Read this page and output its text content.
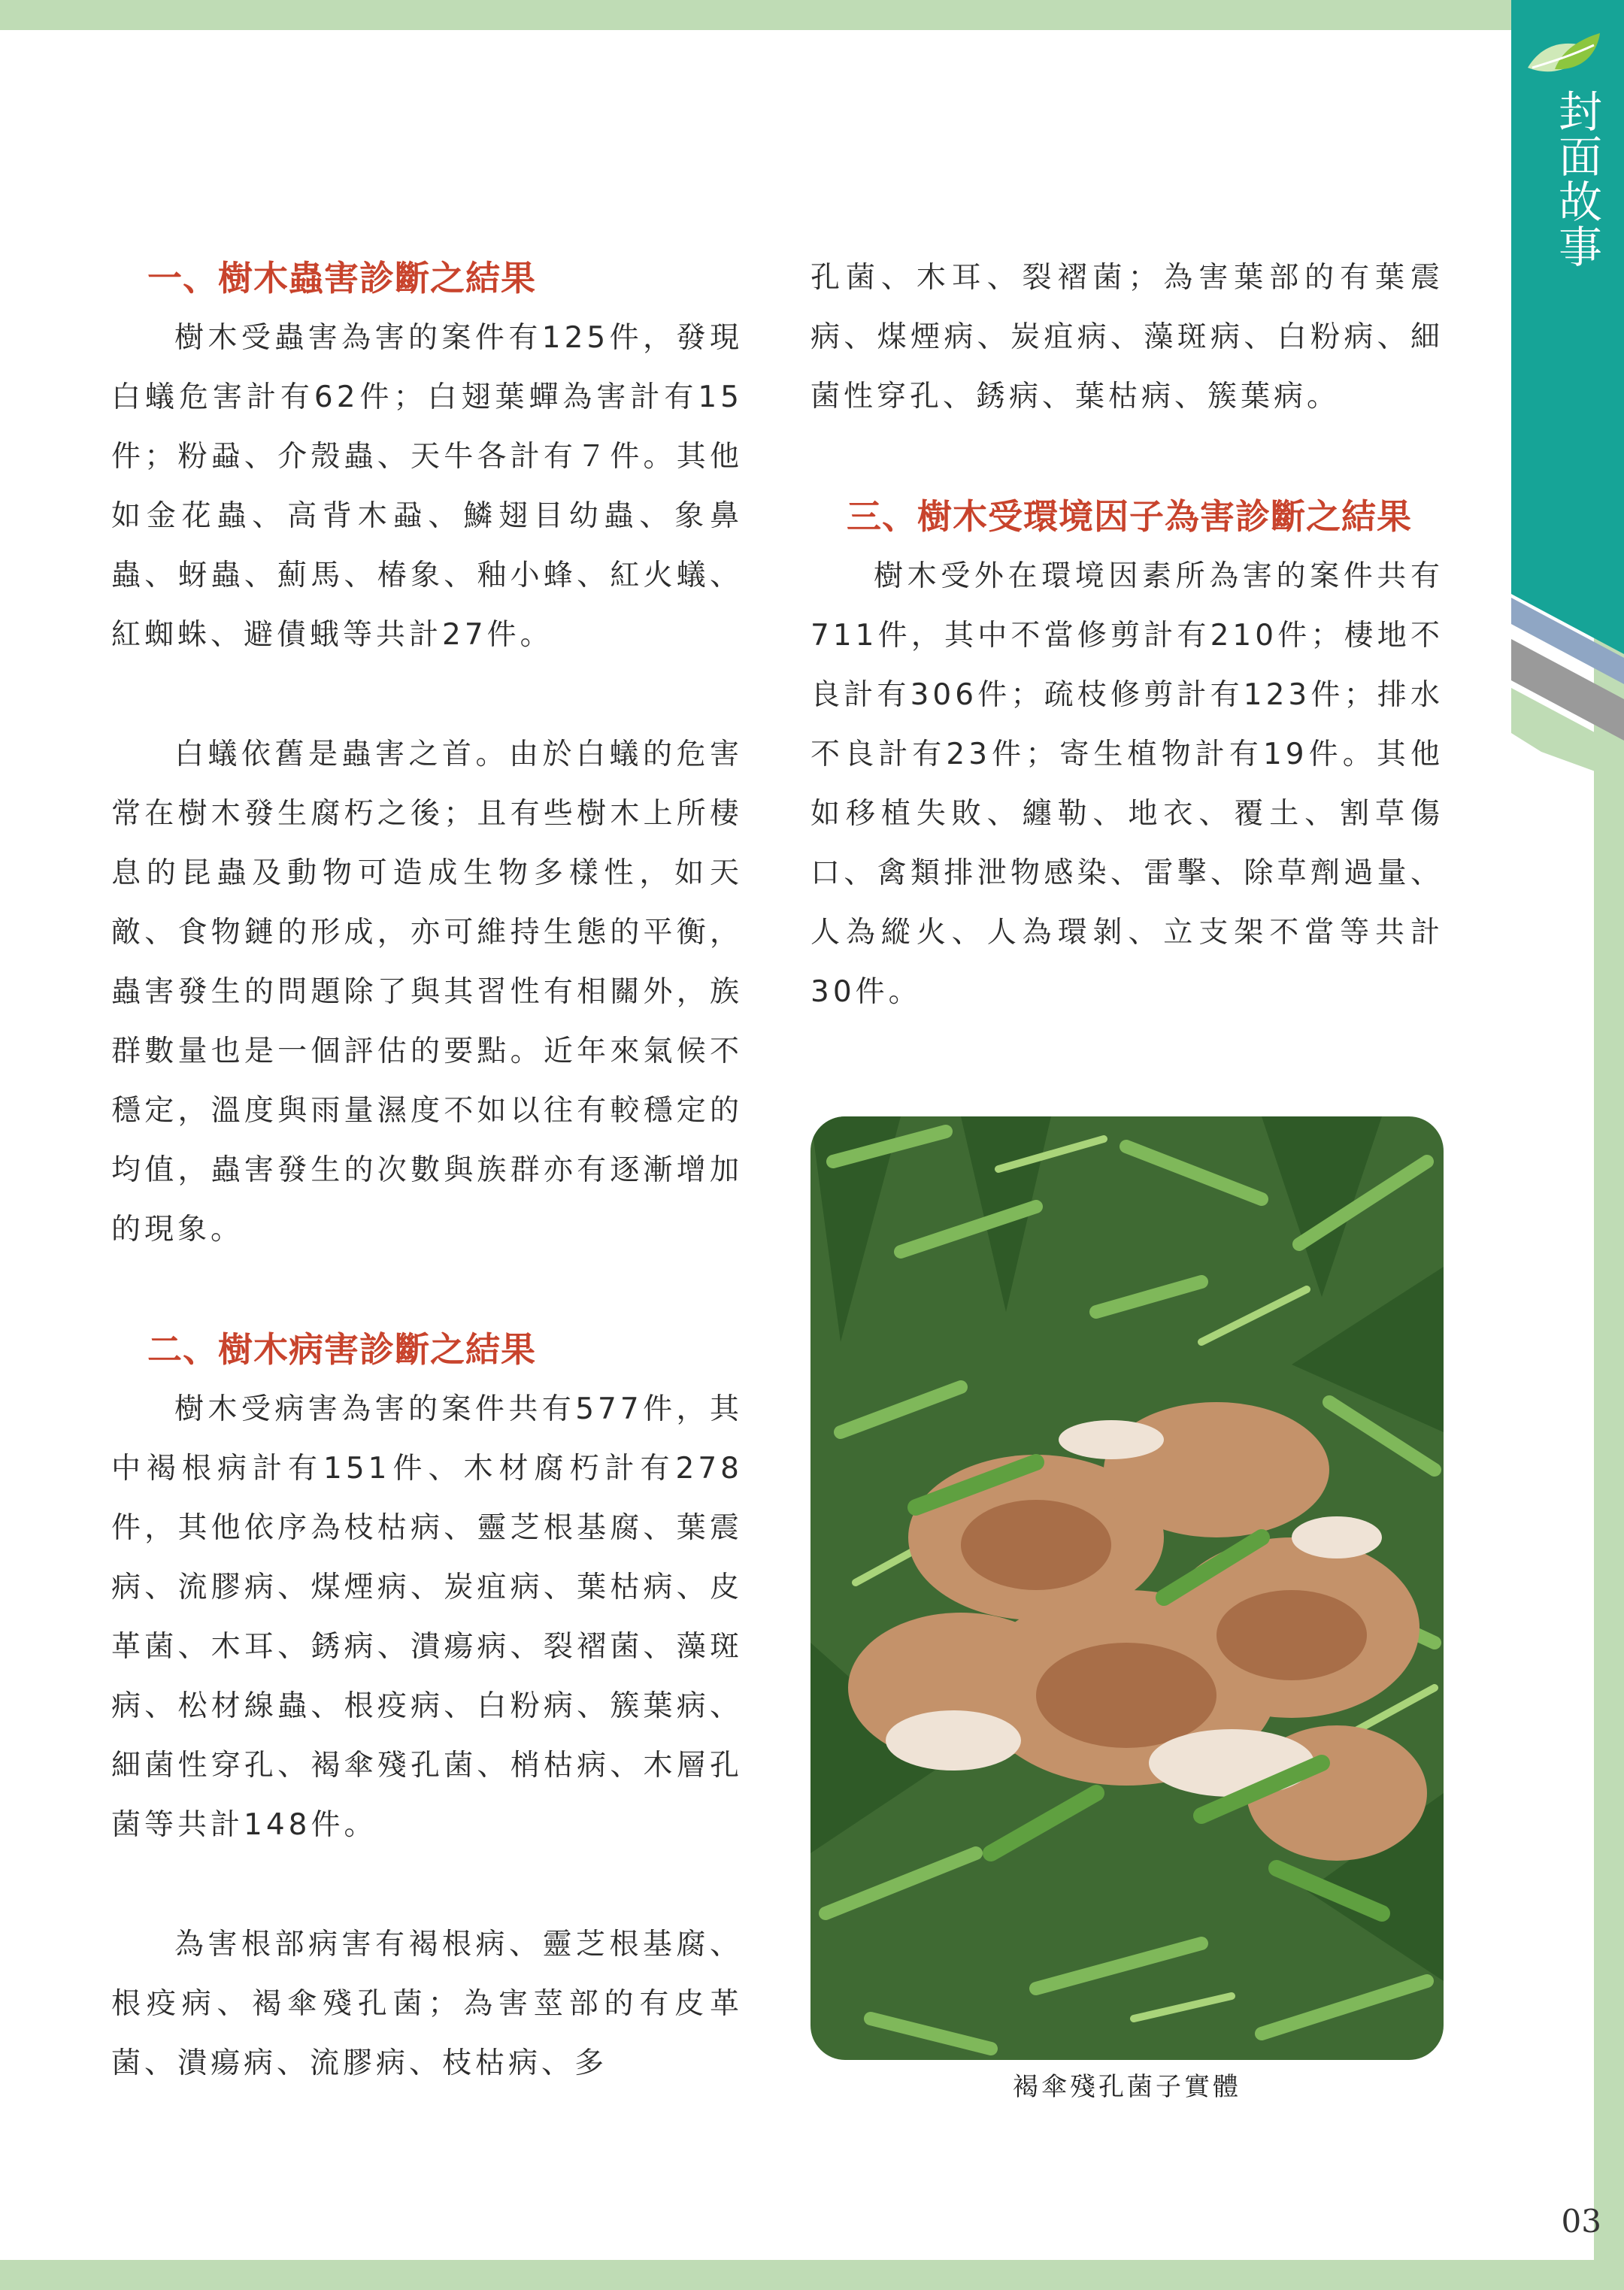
封面故事
一、樹木蟲害診斷之結果

樹木受蟲害為害的案件有125件，發現白蟻危害計有62件；白翅葉蟬為害計有15件；粉蝨、介殼蟲、天牛各計有７件。其他如金花蟲、高背木蝨、鱗翅目幼蟲、象鼻蟲、蚜蟲、薊馬、椿象、釉小蜂、紅火蟻、紅蜘蛛、避債蛾等共計27件。

白蟻依舊是蟲害之首。由於白蟻的危害常在樹木發生腐朽之後；且有些樹木上所棲息的昆蟲及動物可造成生物多樣性，如天敵、食物鏈的形成，亦可維持生態的平衡，蟲害發生的問題除了與其習性有相關外，族群數量也是一個評估的要點。近年來氣候不穩定，溫度與雨量濕度不如以往有較穩定的均值，蟲害發生的次數與族群亦有逐漸增加的現象。

二、樹木病害診斷之結果

樹木受病害為害的案件共有577件，其中褐根病計有151件、木材腐朽計有278件，其他依序為枝枯病、靈芝根基腐、葉震病、流膠病、煤煙病、炭疽病、葉枯病、皮革菌、木耳、銹病、潰瘍病、裂褶菌、藻斑病、松材線蟲、根疫病、白粉病、簇葉病、細菌性穿孔、褐傘殘孔菌、梢枯病、木層孔菌等共計148件。

為害根部病害有褐根病、靈芝根基腐、根疫病、褐傘殘孔菌；為害莖部的有皮革菌、潰瘍病、流膠病、枝枯病、多

孔菌、木耳、裂褶菌；為害葉部的有葉震病、煤煙病、炭疽病、藻斑病、白粉病、細菌性穿孔、銹病、葉枯病、簇葉病。

三、樹木受環境因子為害診斷之結果

樹木受外在環境因素所為害的案件共有711件，其中不當修剪計有210件；棲地不良計有306件；疏枝修剪計有123件；排水不良計有23件；寄生植物計有19件。其他如移植失敗、纏勒、地衣、覆土、割草傷口、禽類排泄物感染、雷擊、除草劑過量、人為縱火、人為環剝、立支架不當等共計30件。

褐傘殘孔菌子實體
03
